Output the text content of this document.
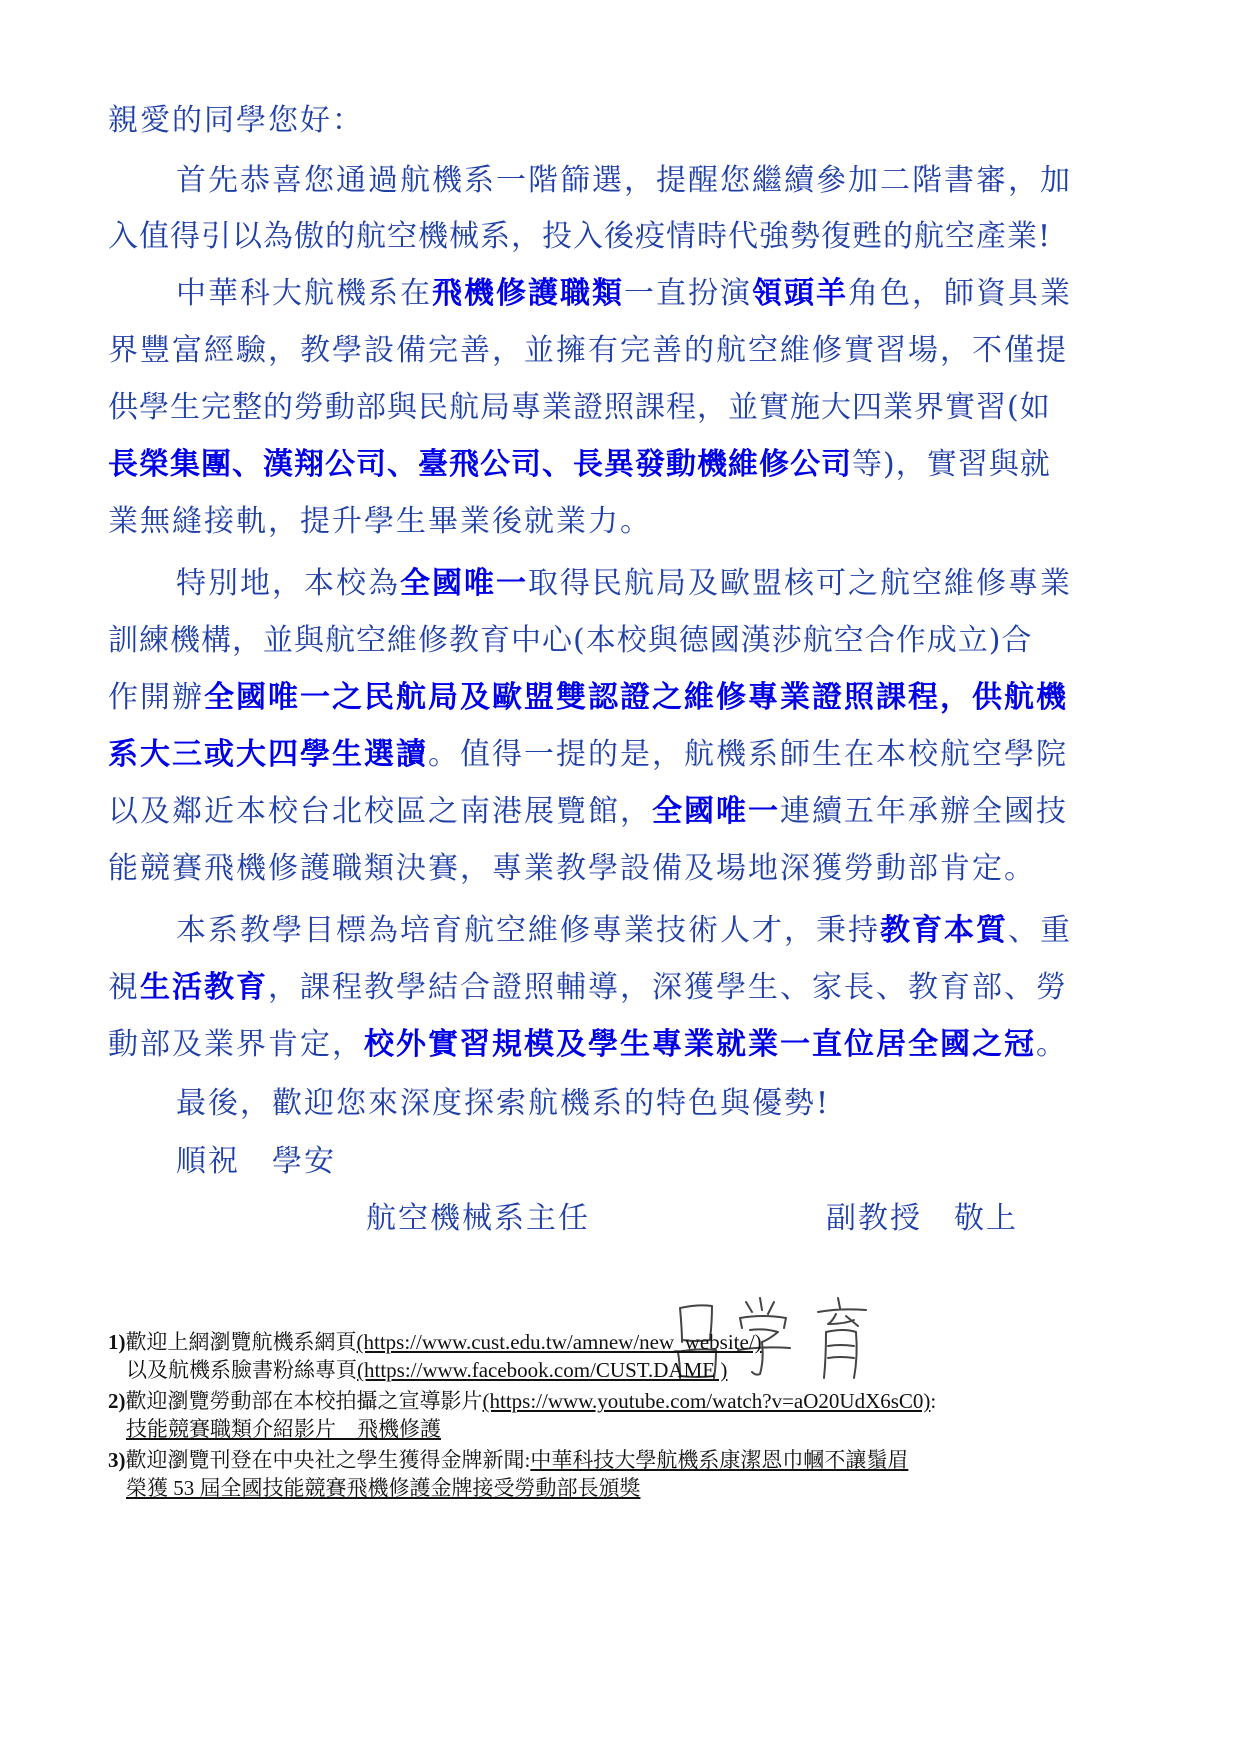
親愛的同學您好：
首先恭喜您通過航機系一階篩選，提醒您繼續參加二階書審，加
入值得引以為傲的航空機械系，投入後疫情時代強勢復甦的航空產業!
中華科大航機系在飛機修護職類一直扮演領頭羊角色，師資具業
界豐富經驗，教學設備完善，並擁有完善的航空維修實習場，不僅提
供學生完整的勞動部與民航局專業證照課程，並實施大四業界實習(如
長榮集團、漢翔公司、臺飛公司、長異發動機維修公司等)，實習與就
業無縫接軌，提升學生畢業後就業力。
特別地，本校為全國唯一取得民航局及歐盟核可之航空維修專業
訓練機構，並與航空維修教育中心(本校與德國漢莎航空合作成立)合
作開辦全國唯一之民航局及歐盟雙認證之維修專業證照課程，供航機
系大三或大四學生選讀。值得一提的是，航機系師生在本校航空學院
以及鄰近本校台北校區之南港展覽館，全國唯一連續五年承辦全國技
能競賽飛機修護職類決賽，專業教學設備及場地深獲勞動部肯定。
本系教學目標為培育航空維修專業技術人才，秉持教育本質、重
視生活教育，課程教學結合證照輔導，深獲學生、家長、教育部、勞
動部及業界肯定，校外實習規模及學生專業就業一直位居全國之冠。
最後，歡迎您來深度探索航機系的特色與優勢!
順祝　學安
航空機械系主任	副教授　敬上
1)歡迎上網瀏覽航機系網頁(https://www.cust.edu.tw/amnew/new_website/)
以及航機系臉書粉絲專頁(https://www.facebook.com/CUST.DAME )
2)歡迎瀏覽勞動部在本校拍攝之宣導影片(https://www.youtube.com/watch?v=aO20UdX6sC0):
技能競賽職類介紹影片　飛機修護
3)歡迎瀏覽刊登在中央社之學生獲得金牌新聞:中華科技大學航機系康潔恩巾幗不讓鬚眉
榮獲 53 屆全國技能競賽飛機修護金牌接受勞動部長頒獎
